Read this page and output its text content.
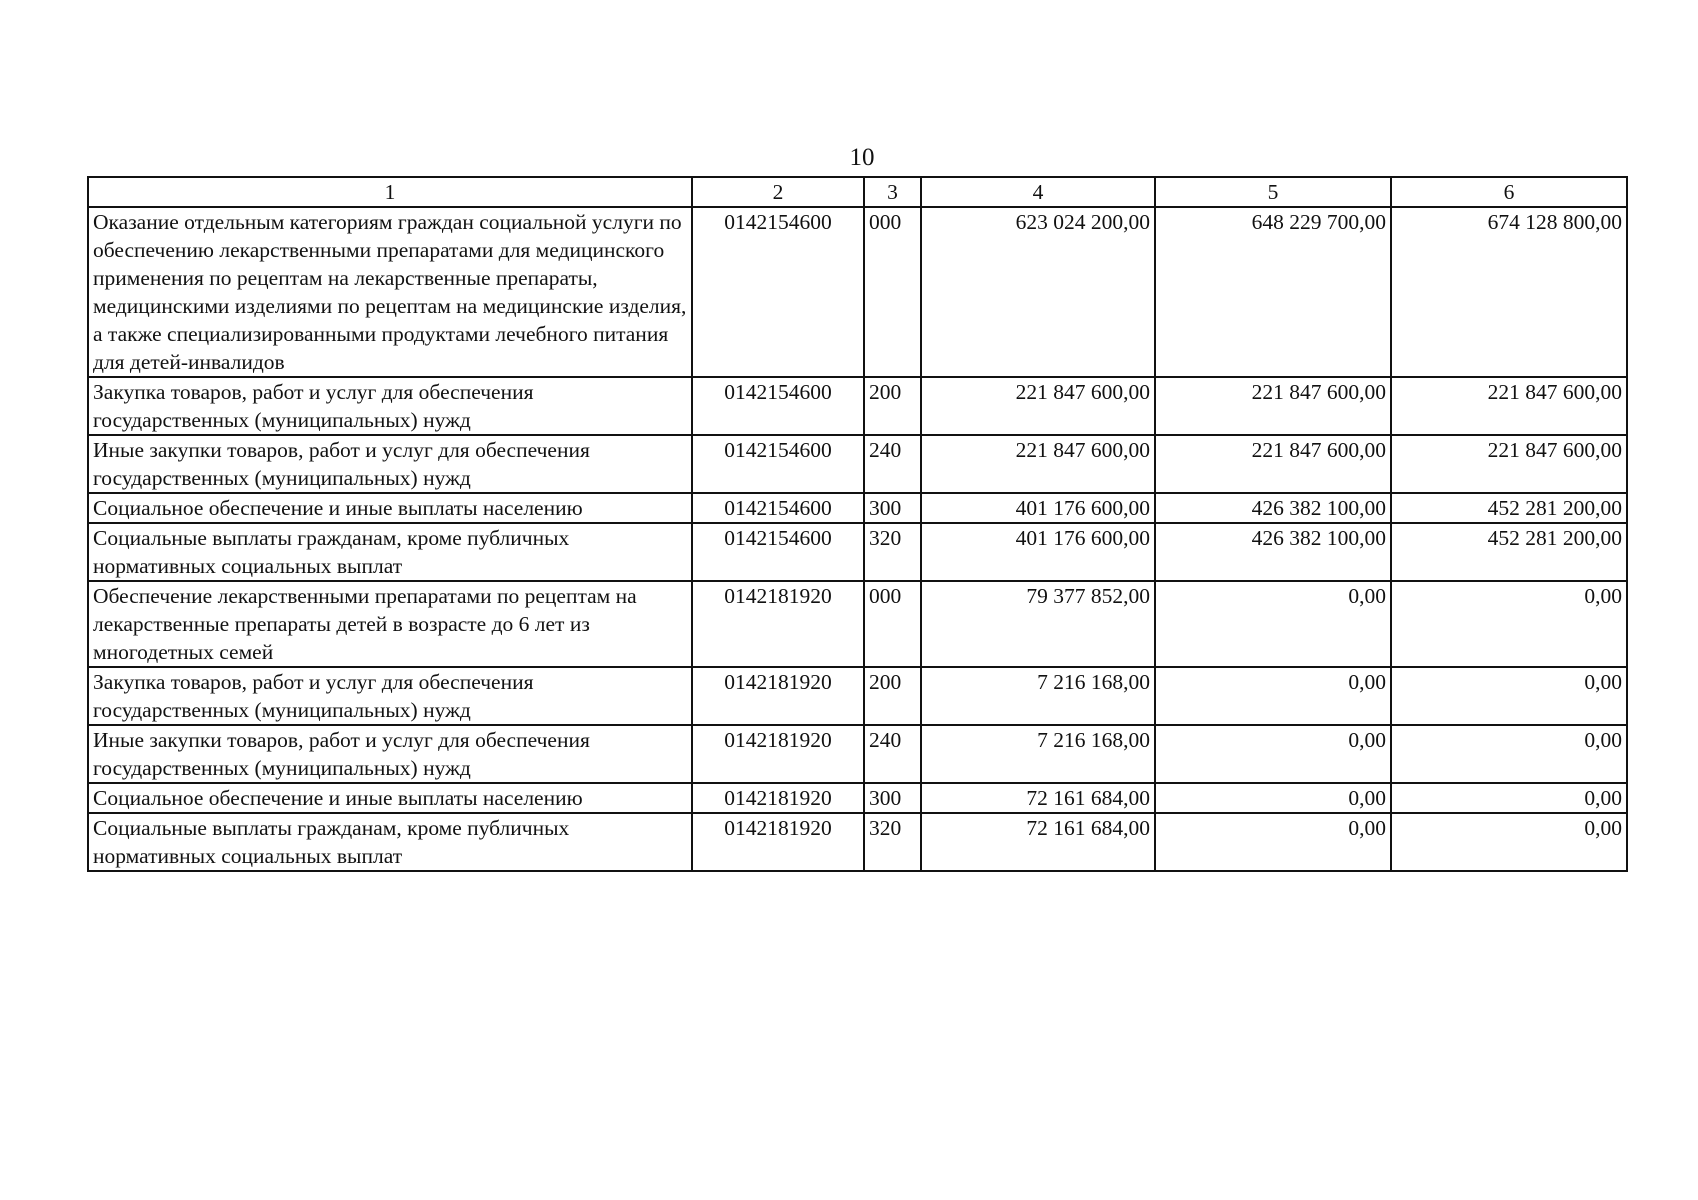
10
1	2	3	4	5	6
Оказание отдельным категориям граждан социальной услуги по обеспечению лекарственными препаратами для медицинского применения по рецептам на лекарственные препараты, медицинскими изделиями по рецептам на медицинские изделия, а также специализированными продуктами лечебного питания для детей-инвалидов	0142154600	000	623 024 200,00	648 229 700,00	674 128 800,00
Закупка товаров, работ и услуг для обеспечения государственных (муниципальных) нужд	0142154600	200	221 847 600,00	221 847 600,00	221 847 600,00
Иные закупки товаров, работ и услуг для обеспечения государственных (муниципальных) нужд	0142154600	240	221 847 600,00	221 847 600,00	221 847 600,00
Социальное обеспечение и иные выплаты населению	0142154600	300	401 176 600,00	426 382 100,00	452 281 200,00
Социальные выплаты гражданам, кроме публичных нормативных социальных выплат	0142154600	320	401 176 600,00	426 382 100,00	452 281 200,00
Обеспечение лекарственными препаратами по рецептам на лекарственные препараты детей в возрасте до 6 лет из многодетных семей	0142181920	000	79 377 852,00	0,00	0,00
Закупка товаров, работ и услуг для обеспечения государственных (муниципальных) нужд	0142181920	200	7 216 168,00	0,00	0,00
Иные закупки товаров, работ и услуг для обеспечения государственных (муниципальных) нужд	0142181920	240	7 216 168,00	0,00	0,00
Социальное обеспечение и иные выплаты населению	0142181920	300	72 161 684,00	0,00	0,00
Социальные выплаты гражданам, кроме публичных нормативных социальных выплат	0142181920	320	72 161 684,00	0,00	0,00
